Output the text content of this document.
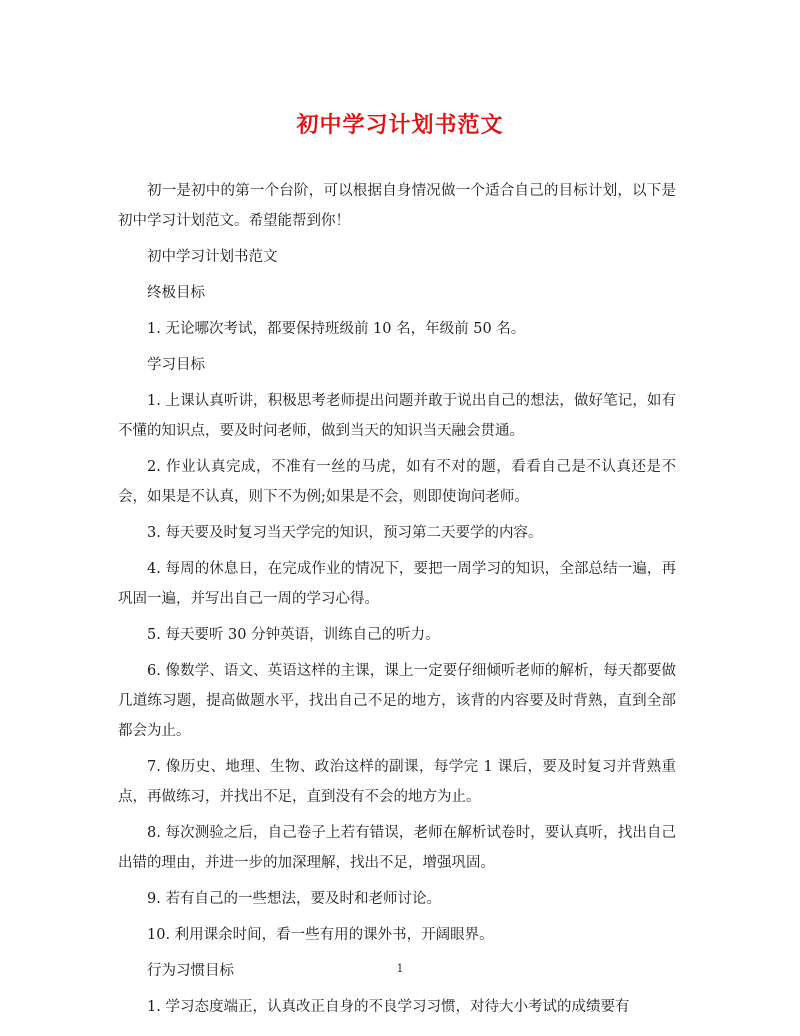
初中学习计划书范文

初一是初中的第一个台阶，可以根据自身情况做一个适合自己的目标计划，以下是初中学习计划范文。希望能帮到你！

初中学习计划书范文

终极目标

1. 无论哪次考试，都要保持班级前 10 名，年级前 50 名。

学习目标

1. 上课认真听讲，积极思考老师提出问题并敢于说出自己的想法，做好笔记，如有不懂的知识点，要及时问老师，做到当天的知识当天融会贯通。

2. 作业认真完成，不准有一丝的马虎，如有不对的题，看看自己是不认真还是不会，如果是不认真，则下不为例;如果是不会，则即使询问老师。

3. 每天要及时复习当天学完的知识，预习第二天要学的内容。

4. 每周的休息日，在完成作业的情况下，要把一周学习的知识，全部总结一遍，再巩固一遍，并写出自己一周的学习心得。

5. 每天要听 30 分钟英语，训练自己的听力。

6. 像数学、语文、英语这样的主课，课上一定要仔细倾听老师的解析，每天都要做几道练习题，提高做题水平，找出自己不足的地方，该背的内容要及时背熟，直到全部都会为止。

7. 像历史、地理、生物、政治这样的副课，每学完 1 课后，要及时复习并背熟重点，再做练习，并找出不足，直到没有不会的地方为止。

8. 每次测验之后，自己卷子上若有错误，老师在解析试卷时，要认真听，找出自己出错的理由，并进一步的加深理解，找出不足，增强巩固。

9. 若有自己的一些想法，要及时和老师讨论。

10. 利用课余时间，看一些有用的课外书，开阔眼界。

行为习惯目标

1. 学习态度端正，认真改正自身的不良学习习惯，对待大小考试的成绩要有

1
